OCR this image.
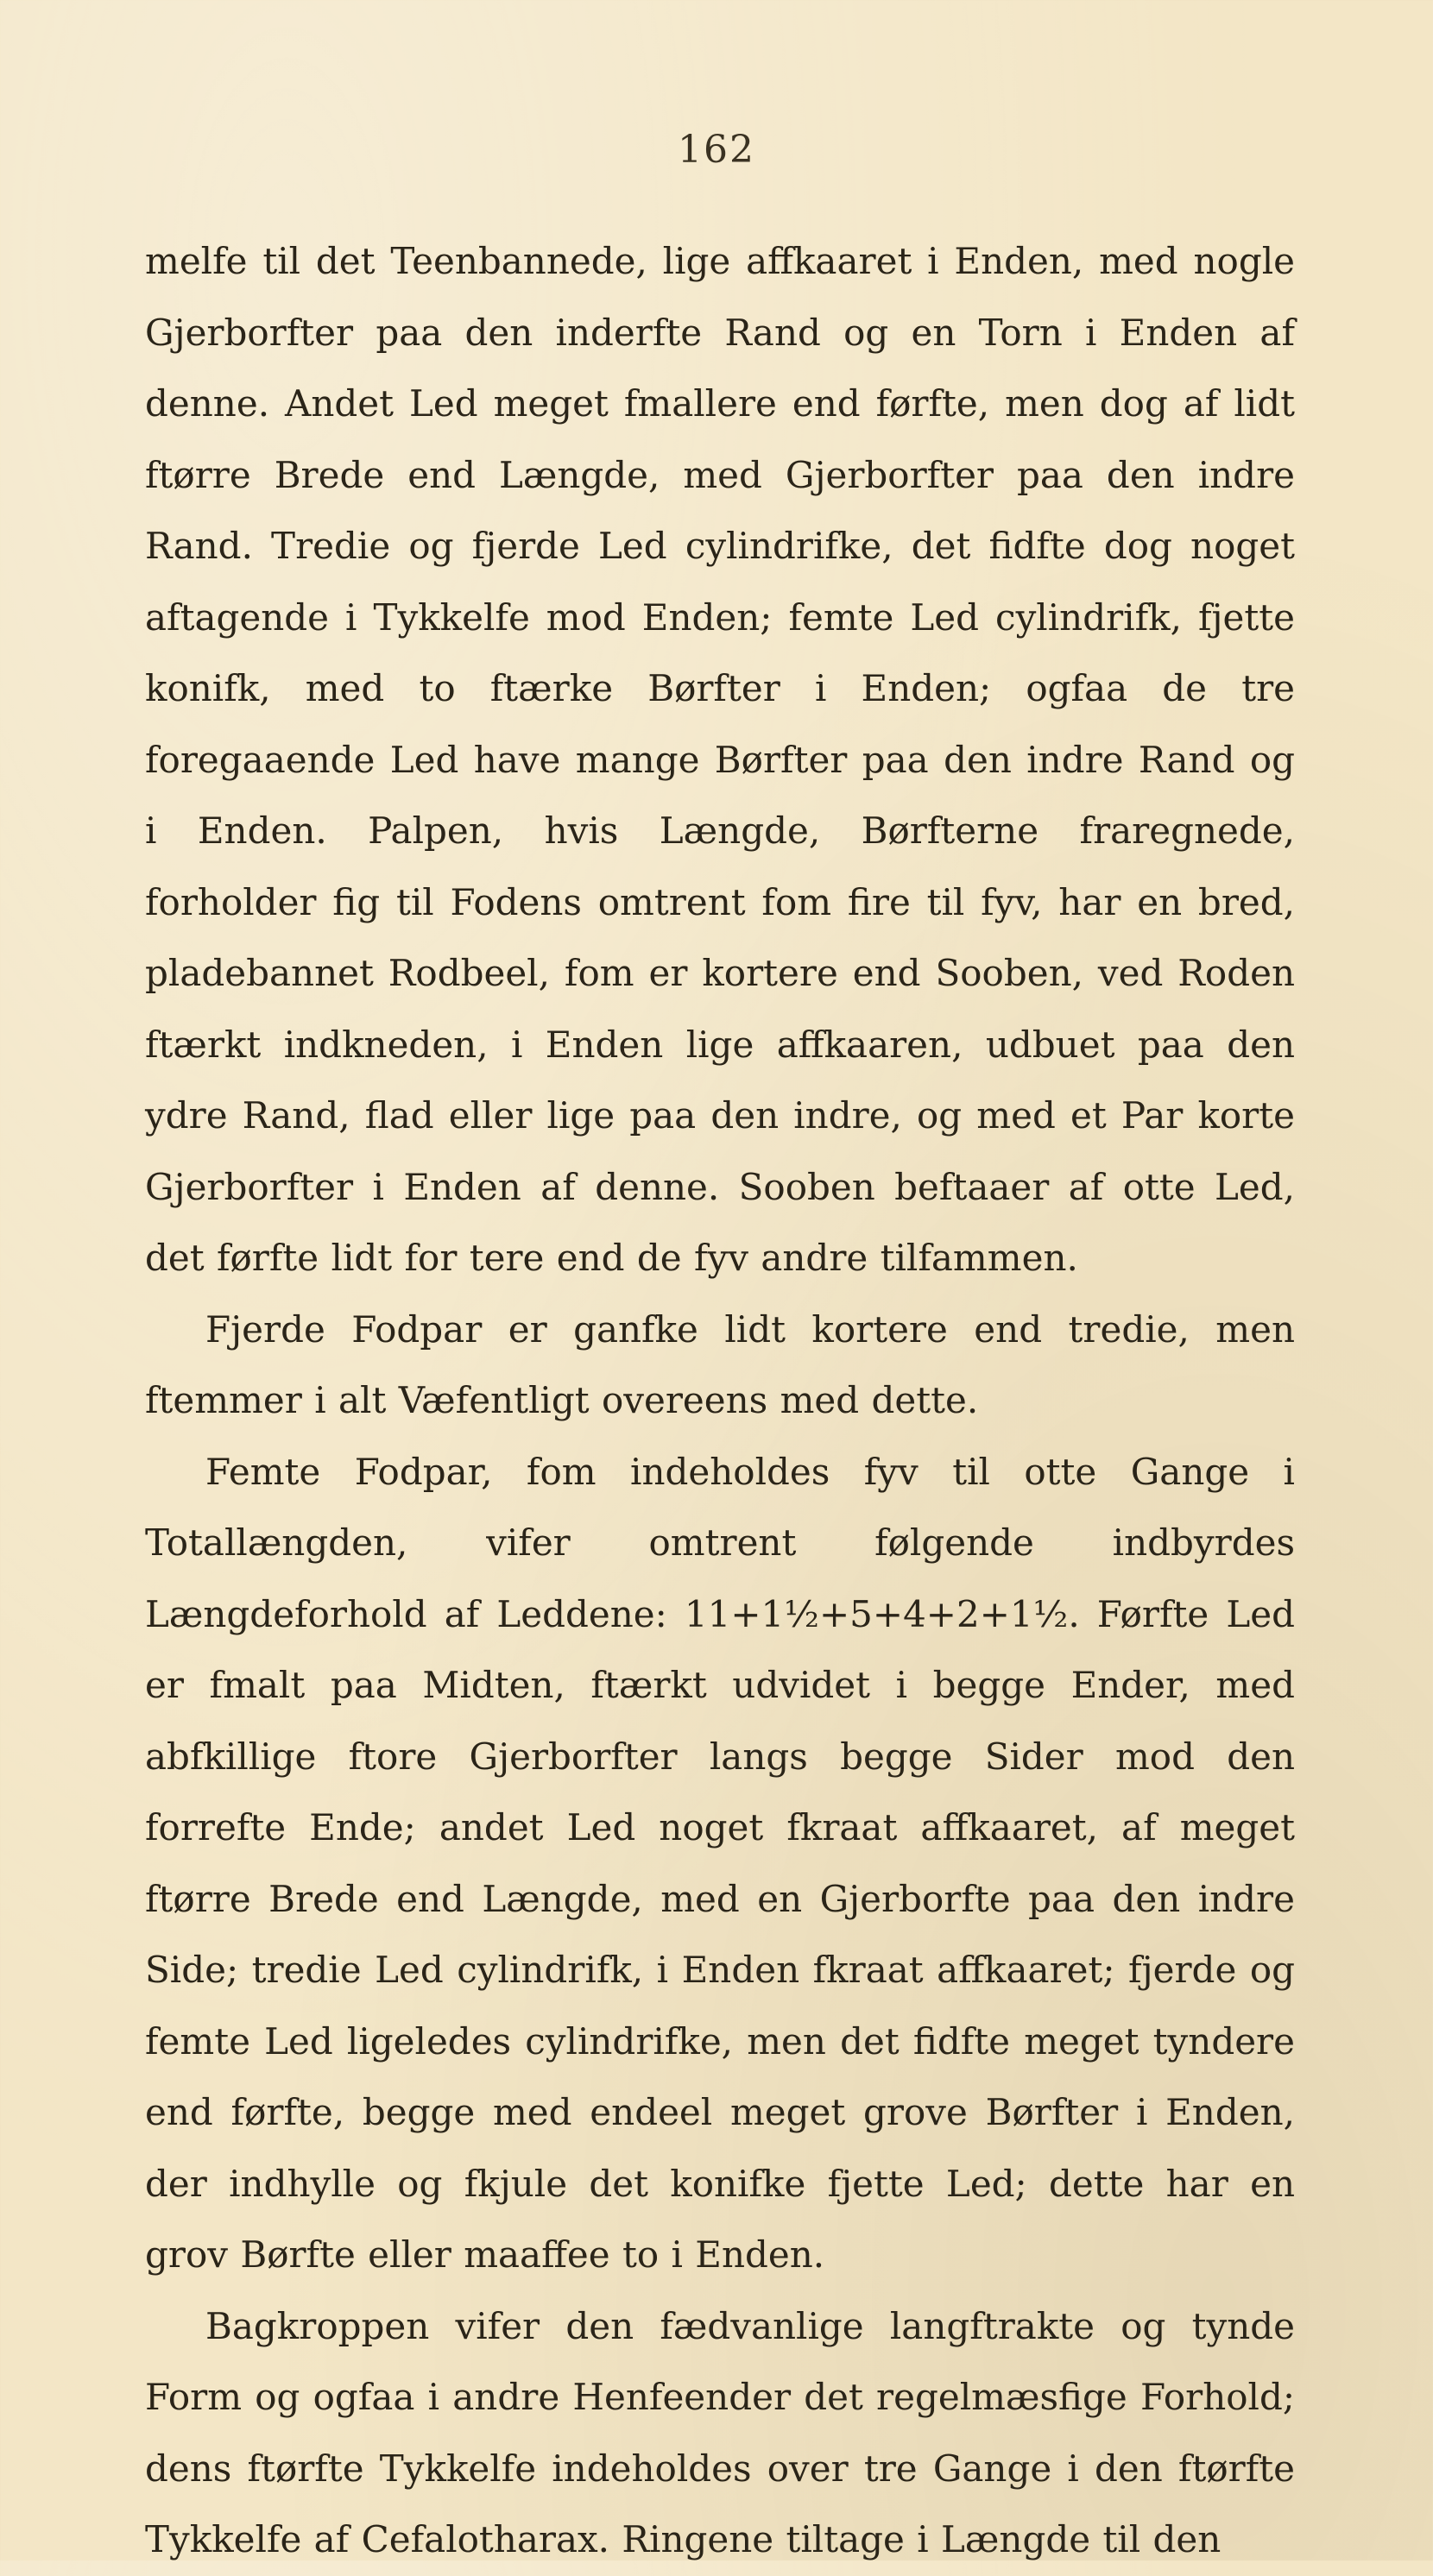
162

melfe til det Teenbannede, lige affkaaret i Enden, med nogle Gjerborfter paa den inderfte Rand og en Torn i Enden af denne. Andet Led meget fmallere end førfte, men dog af lidt ftørre Brede end Længde, med Gjerborfter paa den indre Rand. Tredie og fjerde Led cylindrifke, det fidfte dog noget aftagende i Tykkelfe mod Enden; femte Led cylindrifk, fjette konifk, med to ftærke Børfter i Enden; ogfaa de tre foregaaende Led have mange Børfter paa den indre Rand og i Enden. Palpen, hvis Længde, Børfterne fraregnede, forholder fig til Fodens omtrent fom fire til fyv, har en bred, pladebannet Rodbeel, fom er kortere end Sooben, ved Roden ftærkt indkneden, i Enden lige affkaaren, udbuet paa den ydre Rand, flad eller lige paa den indre, og med et Par korte Gjerborfter i Enden af denne. Sooben beftaaer af otte Led, det førfte lidt for tere end de fyv andre tilfammen.

Fjerde Fodpar er ganfke lidt kortere end tredie, men ftemmer i alt Væfentligt overeens med dette.

Femte Fodpar, fom indeholdes fyv til otte Gange i Totallængden, vifer omtrent følgende indbyrdes Længdeforhold af Leddene: 11+1½+5+4+2+1½. Førfte Led er fmalt paa Midten, ftærkt udvidet i begge Ender, med abfkillige ftore Gjerborfter langs begge Sider mod den forrefte Ende; andet Led noget fkraat affkaaret, af meget ftørre Brede end Længde, med en Gjerborfte paa den indre Side; tredie Led cylindrifk, i Enden fkraat affkaaret; fjerde og femte Led ligeledes cylindrifke, men det fidfte meget tyndere end førfte, begge med endeel meget grove Børfter i Enden, der indhylle og fkjule det konifke fjette Led; dette har en grov Børfte eller maaffee to i Enden.

Bagkroppen vifer den fædvanlige langftrakte og tynde Form og ogfaa i andre Henfeender det regelmæsfige Forhold; dens ftørfte Tykkelfe indeholdes over tre Gange i den ftørfte Tykkelfe af Cefalotharax. Ringene tiltage i Længde til den
